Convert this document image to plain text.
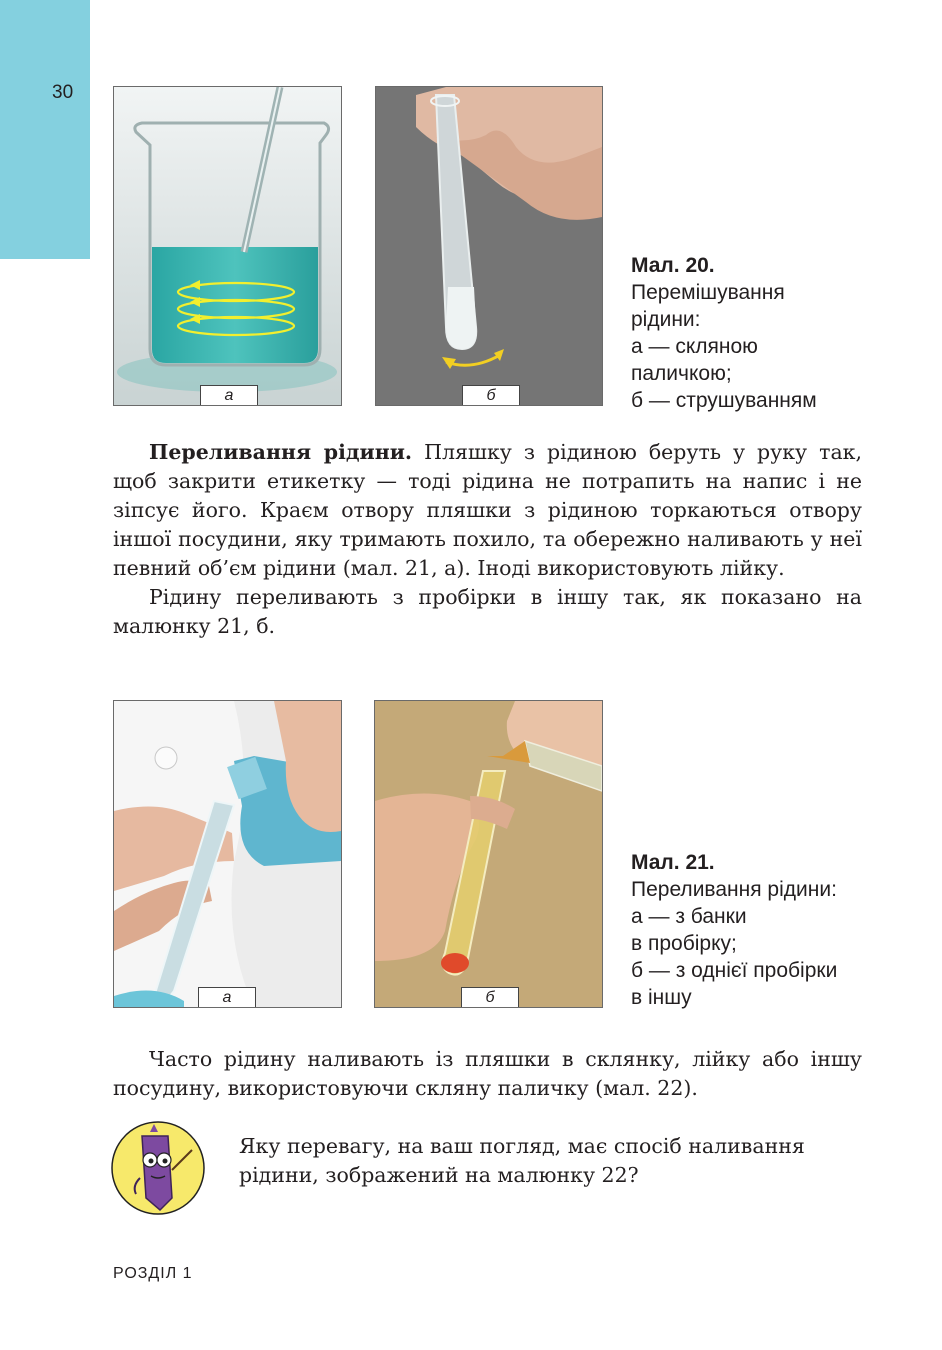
30
а	б
Мал. 20.
Перемішування
рідини:
а — скляною
паличкою;
б — струшуванням

Переливання рідини. Пляшку з рідиною беруть у руку так, щоб закрити етикетку — тоді рідина не потрапить на напис і не зіпсує його. Краєм отвору пляшки з рідиною торкаються отвору іншої посудини, яку тримають похило, та обережно наливають у неї певний об’єм рідини (мал. 21, а). Іноді використовують лійку.

Рідину переливають з пробірки в іншу так, як показано на малюнку 21, б.

а	б
Мал. 21.
Переливання рідини:
а — з банки
в пробірку;
б — з однієї пробірки
в іншу

Часто рідину наливають із пляшки в склянку, лійку або іншу посудину, використовуючи скляну паличку (мал. 22).

Яку перевагу, на ваш погляд, має спосіб наливання
рідини, зображений на малюнку 22?
РОЗДІЛ 1
